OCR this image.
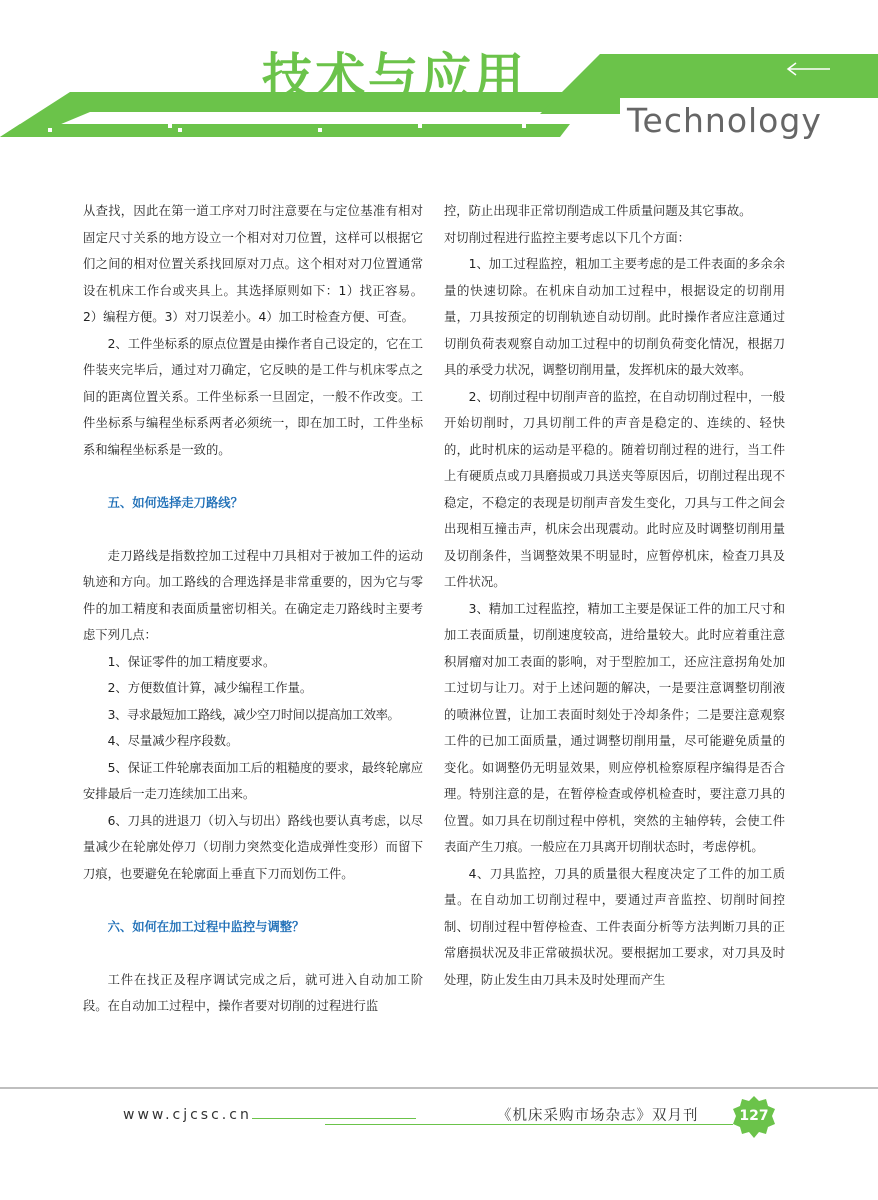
技术与应用
Technology

从查找，因此在第一道工序对刀时注意要在与定位基准有相对固定尺寸关系的地方设立一个相对对刀位置，这样可以根据它们之间的相对位置关系找回原对刀点。这个相对对刀位置通常设在机床工作台或夹具上。其选择原则如下：1）找正容易。2）编程方便。3）对刀误差小。4）加工时检查方便、可查。

2、工件坐标系的原点位置是由操作者自己设定的，它在工件装夹完毕后，通过对刀确定，它反映的是工件与机床零点之间的距离位置关系。工件坐标系一旦固定，一般不作改变。工件坐标系与编程坐标系两者必须统一，即在加工时，工件坐标系和编程坐标系是一致的。

五、如何选择走刀路线？

走刀路线是指数控加工过程中刀具相对于被加工件的运动轨迹和方向。加工路线的合理选择是非常重要的，因为它与零件的加工精度和表面质量密切相关。在确定走刀路线时主要考虑下列几点：

1、保证零件的加工精度要求。

2、方便数值计算，减少编程工作量。

3、寻求最短加工路线，减少空刀时间以提高加工效率。

4、尽量减少程序段数。

5、保证工件轮廓表面加工后的粗糙度的要求，最终轮廓应安排最后一走刀连续加工出来。

6、刀具的进退刀（切入与切出）路线也要认真考虑，以尽量减少在轮廓处停刀（切削力突然变化造成弹性变形）而留下刀痕，也要避免在轮廓面上垂直下刀而划伤工件。

六、如何在加工过程中监控与调整？

工件在找正及程序调试完成之后，就可进入自动加工阶段。在自动加工过程中，操作者要对切削的过程进行监

控，防止出现非正常切削造成工件质量问题及其它事故。

对切削过程进行监控主要考虑以下几个方面：

1、加工过程监控，粗加工主要考虑的是工件表面的多余余量的快速切除。在机床自动加工过程中，根据设定的切削用量，刀具按预定的切削轨迹自动切削。此时操作者应注意通过切削负荷表观察自动加工过程中的切削负荷变化情况，根据刀具的承受力状况，调整切削用量，发挥机床的最大效率。

2、切削过程中切削声音的监控，在自动切削过程中，一般开始切削时，刀具切削工件的声音是稳定的、连续的、轻快的，此时机床的运动是平稳的。随着切削过程的进行，当工件上有硬质点或刀具磨损或刀具送夹等原因后，切削过程出现不稳定，不稳定的表现是切削声音发生变化，刀具与工件之间会出现相互撞击声，机床会出现震动。此时应及时调整切削用量及切削条件，当调整效果不明显时，应暂停机床，检查刀具及工件状况。

3、精加工过程监控，精加工主要是保证工件的加工尺寸和加工表面质量，切削速度较高，进给量较大。此时应着重注意积屑瘤对加工表面的影响，对于型腔加工，还应注意拐角处加工过切与让刀。对于上述问题的解决，一是要注意调整切削液的喷淋位置，让加工表面时刻处于冷却条件；二是要注意观察工件的已加工面质量，通过调整切削用量，尽可能避免质量的变化。如调整仍无明显效果，则应停机检察原程序编得是否合理。特别注意的是，在暂停检查或停机检查时，要注意刀具的位置。如刀具在切削过程中停机，突然的主轴停转，会使工件表面产生刀痕。一般应在刀具离开切削状态时，考虑停机。

4、刀具监控，刀具的质量很大程度决定了工件的加工质量。在自动加工切削过程中，要通过声音监控、切削时间控制、切削过程中暂停检查、工件表面分析等方法判断刀具的正常磨损状况及非正常破损状况。要根据加工要求，对刀具及时处理，防止发生由刀具未及时处理而产生

www.cjcsc.cn	《机床采购市场杂志》双月刊	127
